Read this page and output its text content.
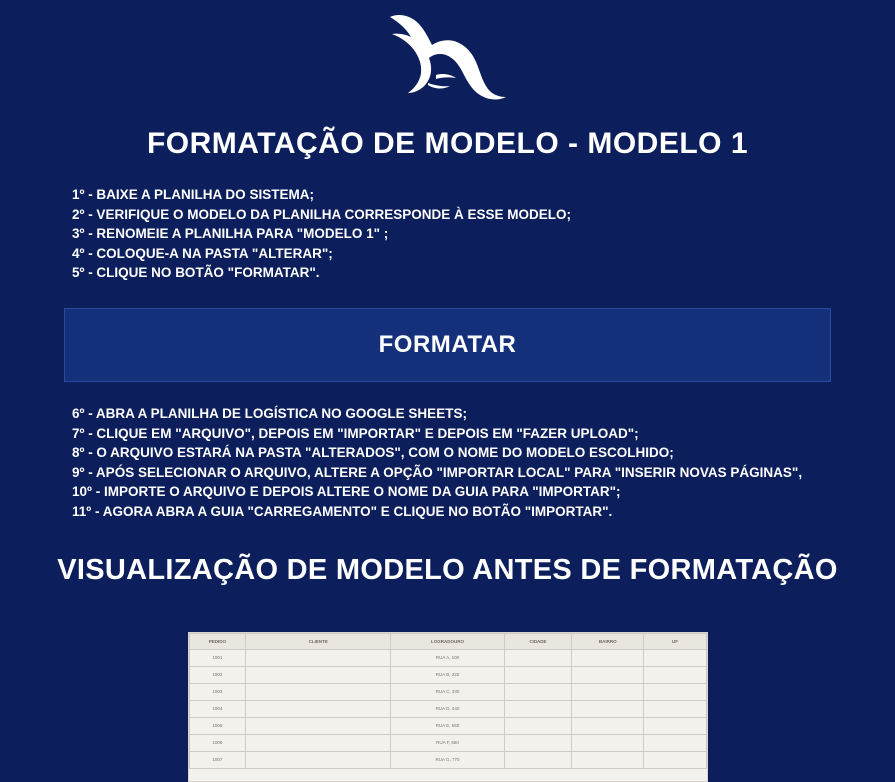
FORMATAÇÃO DE MODELO - MODELO 1
1º - BAIXE A PLANILHA DO SISTEMA;
2º - VERIFIQUE O MODELO DA PLANILHA CORRESPONDE À ESSE MODELO;
3º - RENOMEIE A PLANILHA PARA "MODELO 1" ;
4º - COLOQUE-A NA PASTA "ALTERAR";
5º - CLIQUE NO BOTÃO "FORMATAR".
FORMATAR
6º - ABRA A PLANILHA DE LOGÍSTICA NO GOOGLE SHEETS;
7º - CLIQUE EM "ARQUIVO", DEPOIS EM "IMPORTAR" E DEPOIS EM "FAZER UPLOAD";
8º - O ARQUIVO ESTARÁ NA PASTA "ALTERADOS", COM O NOME DO MODELO ESCOLHIDO;
9º - APÓS SELECIONAR O ARQUIVO, ALTERE A OPÇÃO "IMPORTAR LOCAL" PARA "INSERIR NOVAS PÁGINAS",
10º - IMPORTE O ARQUIVO E DEPOIS ALTERE O NOME DA GUIA PARA "IMPORTAR";
11º - AGORA ABRA A GUIA "CARREGAMENTO" E CLIQUE NO BOTÃO "IMPORTAR".
VISUALIZAÇÃO DE MODELO ANTES DE FORMATAÇÃO
PEDIDO	CLIENTE	LOGRADOURO	CIDADE	BAIRRO	UF
1001		RUA A, 100			
1002		RUA B, 220			
1003		RUA C, 330			
1004		RUA D, 440			
1005		RUA E, 550			
1006		RUA F, 660			
1007		RUA G, 770			
